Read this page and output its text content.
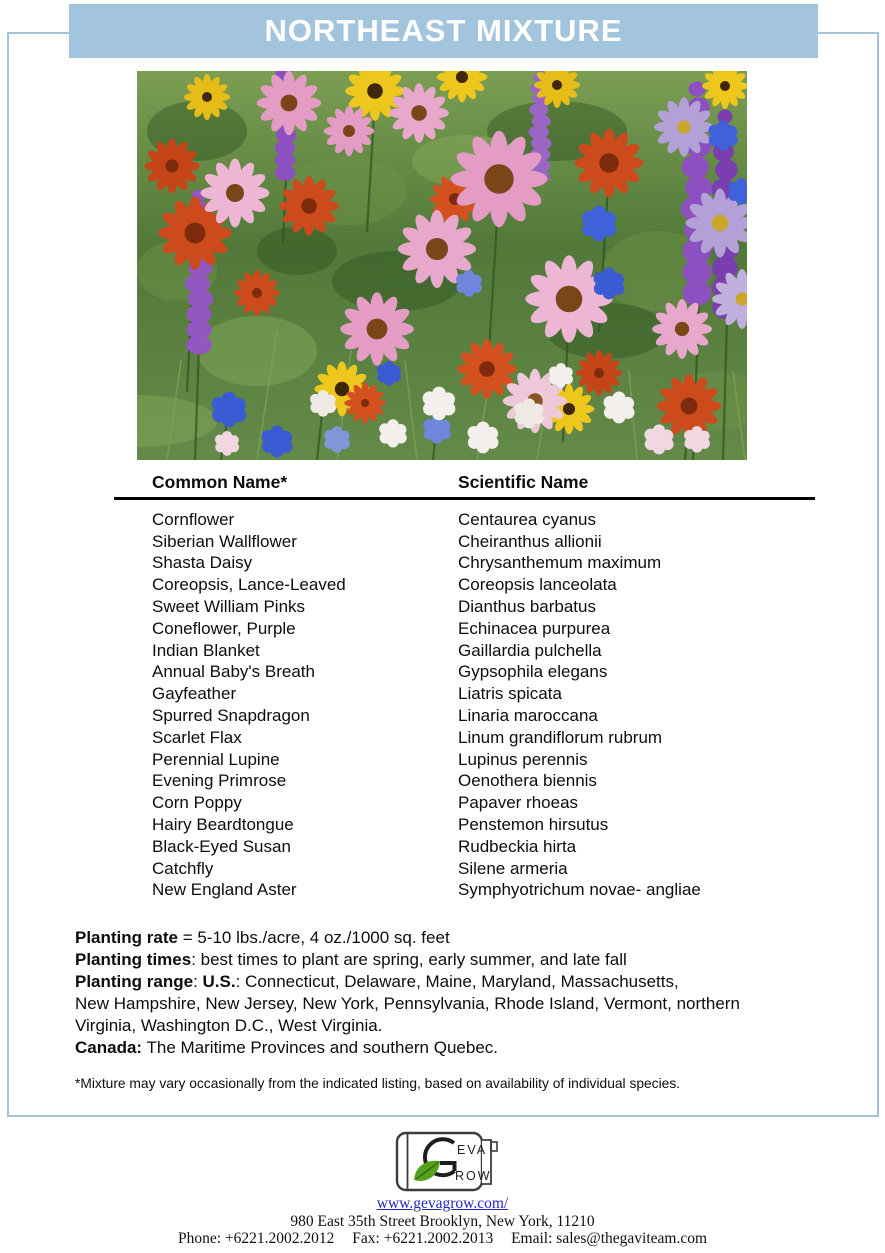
NORTHEAST MIXTURE
Common Name*	Scientific Name
Cornflower	Centaurea cyanus
Siberian Wallflower	Cheiranthus allionii
Shasta Daisy	Chrysanthemum maximum
Coreopsis, Lance-Leaved	Coreopsis lanceolata
Sweet William Pinks	Dianthus barbatus
Coneflower, Purple	Echinacea purpurea
Indian Blanket	Gaillardia pulchella
Annual Baby's Breath	Gypsophila elegans
Gayfeather	Liatris spicata
Spurred Snapdragon	Linaria maroccana
Scarlet Flax	Linum grandiflorum rubrum
Perennial Lupine	Lupinus perennis
Evening Primrose	Oenothera biennis
Corn Poppy	Papaver rhoeas
Hairy Beardtongue	Penstemon hirsutus
Black-Eyed Susan	Rudbeckia hirta
Catchfly	Silene armeria
New England Aster	Symphyotrichum novae- angliae

Planting rate = 5-10 lbs./acre, 4 oz./1000 sq. feet

Planting times: best times to plant are spring, early summer, and late fall

Planting range: U.S.: Connecticut, Delaware, Maine, Maryland, Massachusetts,

New Hampshire, New Jersey, New York, Pennsylvania, Rhode Island, Vermont, northern

Virginia, Washington D.C., West Virginia.

Canada: The Maritime Provinces and southern Quebec.

*Mixture may vary occasionally from the indicated listing, based on availability of individual species.
EVA
ROW
www.gevagrow.com/
980 East 35th Street Brooklyn, New York, 11210
Phone: +6221.2002.2012 Fax: +6221.2002.2013 Email: sales@thegaviteam.com
